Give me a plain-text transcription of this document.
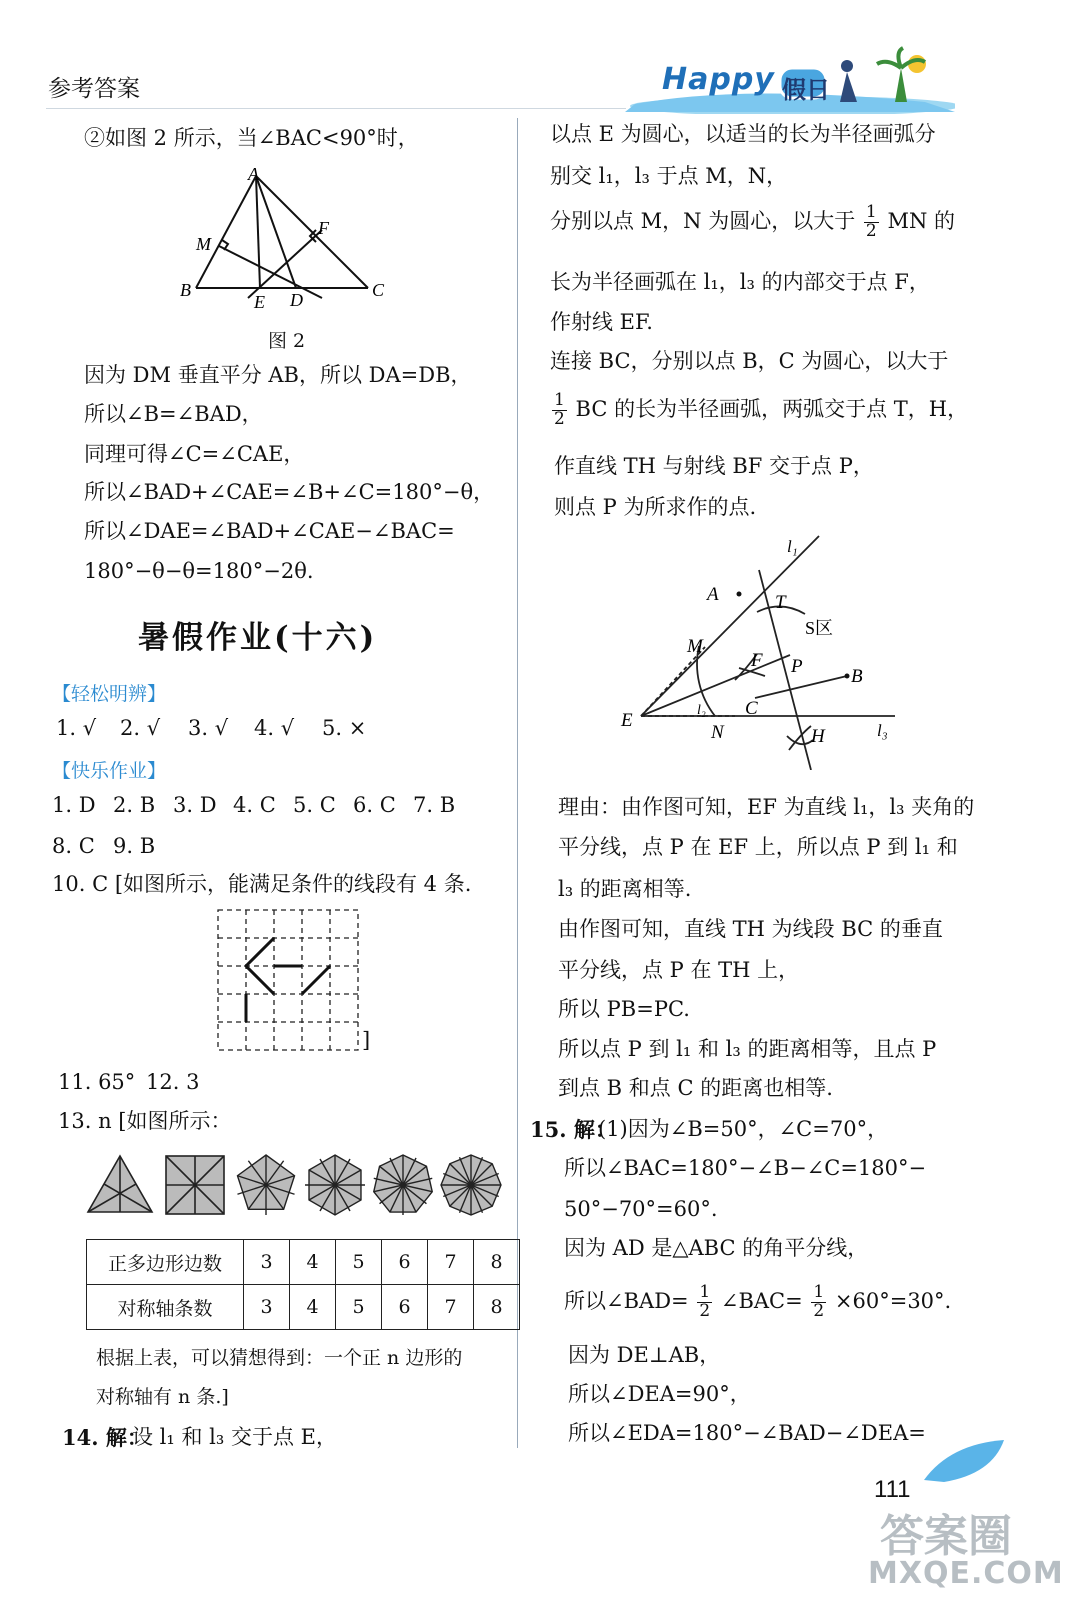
参考答案	Happy 假日
②如图 2 所示，当∠BAC<90°时，
A
B	C
M
F
E D
图 2
因为 DM 垂直平分 AB，所以 DA=DB，
所以∠B=∠BAD，
同理可得∠C=∠CAE，
所以∠BAD+∠CAE=∠B+∠C=180°−θ，
所以∠DAE=∠BAD+∠CAE−∠BAC=
180°−θ−θ=180°−2θ.
暑假作业(十六)
【轻松明辨】
1. √ 2. √ 3. √ 4. √ 5. ×
【快乐作业】
1. D 2. B 3. D 4. C 5. C 6. C 7. B
8. C 9. B
10. C [如图所示，能满足条件的线段有 4 条.
]
11. 65° 12. 3
13. n [如图所示：
正多边形边数	3	4	5	6	7	8
对称轴条数	3	4	5	6	7	8
根据上表，可以猜想得到：一个正 n 边形的
对称轴有 n 条.]
14. 解：
设 l₁ 和 l₃ 交于点 E，
以点 E 为圆心，以适当的长为半径画弧分
别交 l₁，l₃ 于点 M，N，
分别以点 M，N 为圆心，以大于 $\frac{1}{2}$ MN 的
长为半径画弧在 l₁，l₃ 的内部交于点 F，
作射线 EF.
连接 BC，分别以点 B，C 为圆心，以大于
$\frac{1}{2}$ BC 的长为半径画弧，两弧交于点 T，H，
作直线 TH 与射线 BF 交于点 P，
则点 P 为所求作的点.
l₁
l₃
l₂
A	T
S区
M
F P	B
C
E
N	H
理由：由作图可知，EF 为直线 l₁，l₃ 夹角的
平分线，点 P 在 EF 上，所以点 P 到 l₁ 和
l₃ 的距离相等.
由作图可知，直线 TH 为线段 BC 的垂直
平分线，点 P 在 TH 上，
所以 PB=PC.
所以点 P 到 l₁ 和 l₃ 的距离相等，且点 P
到点 B 和点 C 的距离也相等.
15. 解：
(1)因为∠B=50°，∠C=70°，
所以∠BAC=180°−∠B−∠C=180°−
50°−70°=60°.
因为 AD 是△ABC 的角平分线，
所以∠BAD= $\frac{1}{2}$ ∠BAC= $\frac{1}{2} \times 60^\circ=30^\circ$.
因为 DE⊥AB，
所以∠DEA=90°，
所以∠EDA=180°−∠BAD−∠DEA=
111
答案圈
MXQE.COM
